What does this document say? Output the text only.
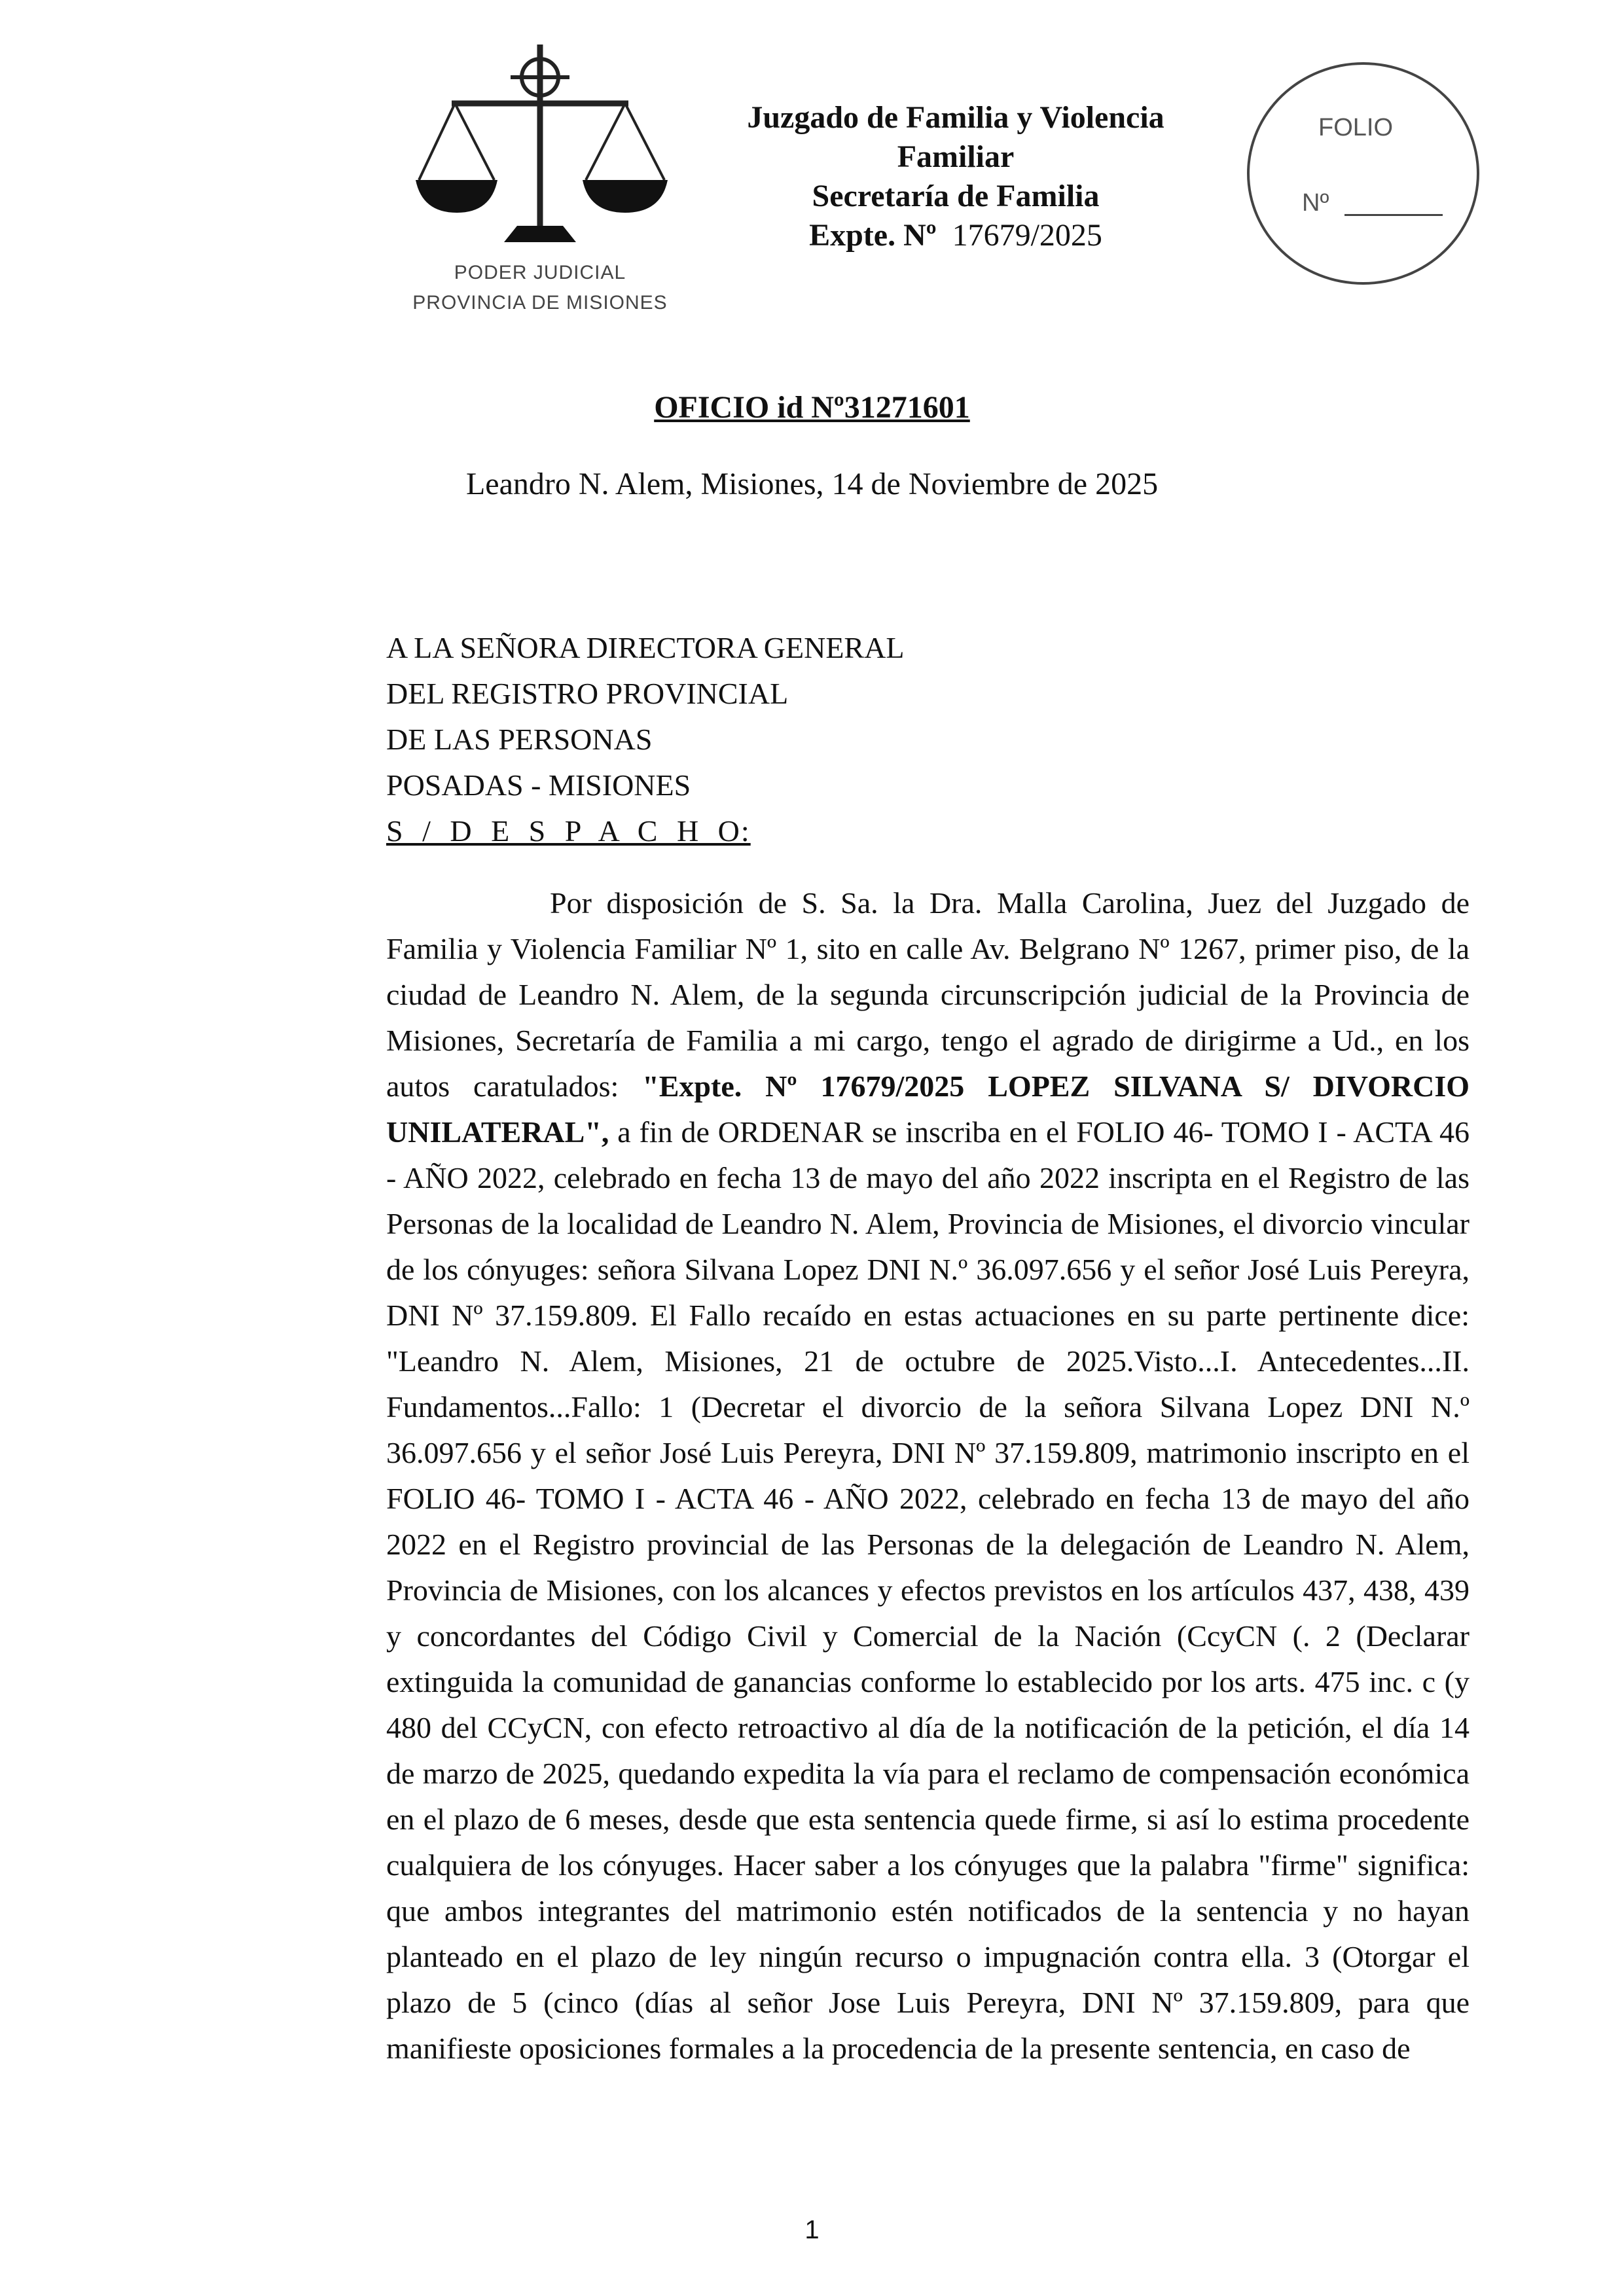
PODER JUDICIAL
PROVINCIA DE MISIONES
Juzgado de Familia y Violencia
Familiar
Secretaría de Familia
Expte. Nº 17679/2025
FOLIO
Nº
OFICIO id Nº31271601
Leandro N. Alem, Misiones, 14 de Noviembre de 2025
A LA SEÑORA DIRECTORA GENERAL
DEL REGISTRO PROVINCIAL
DE LAS PERSONAS
POSADAS - MISIONES
S / D E S P A C H O:
Por disposición de S. Sa. la Dra. Malla Carolina, Juez del Juzgado de Familia y Violencia Familiar Nº 1, sito en calle Av. Belgrano Nº 1267, primer piso, de la ciudad de Leandro N. Alem, de la segunda circunscripción judicial de la Provincia de Misiones, Secretaría de Familia a mi cargo, tengo el agrado de dirigirme a Ud., en los autos caratulados: "Expte. Nº 17679/2025 LOPEZ SILVANA S/ DIVORCIO UNILATERAL", a fin de ORDENAR se inscriba en el FOLIO 46- TOMO I - ACTA 46 - AÑO 2022, celebrado en fecha 13 de mayo del año 2022 inscripta en el Registro de las Personas de la localidad de Leandro N. Alem, Provincia de Misiones, el divorcio vincular de los cónyuges: señora Silvana Lopez DNI N.º 36.097.656 y el señor José Luis Pereyra, DNI Nº 37.159.809. El Fallo recaído en estas actuaciones en su parte pertinente dice: "Leandro N. Alem, Misiones, 21 de octubre de 2025.Visto...I. Antecedentes...II. Fundamentos...Fallo: 1 (Decretar el divorcio de la señora Silvana Lopez DNI N.º 36.097.656 y el señor José Luis Pereyra, DNI Nº 37.159.809, matrimonio inscripto en el FOLIO 46- TOMO I - ACTA 46 - AÑO 2022, celebrado en fecha 13 de mayo del año 2022 en el Registro provincial de las Personas de la delegación de Leandro N. Alem, Provincia de Misiones, con los alcances y efectos previstos en los artículos 437, 438, 439 y concordantes del Código Civil y Comercial de la Nación (CcyCN (. 2 (Declarar extinguida la comunidad de ganancias conforme lo establecido por los arts. 475 inc. c (y 480 del CCyCN, con efecto retroactivo al día de la notificación de la petición, el día 14 de marzo de 2025, quedando expedita la vía para el reclamo de compensación económica en el plazo de 6 meses, desde que esta sentencia quede firme, si así lo estima procedente cualquiera de los cónyuges. Hacer saber a los cónyuges que la palabra "firme" significa: que ambos integrantes del matrimonio estén notificados de la sentencia y no hayan planteado en el plazo de ley ningún recurso o impugnación contra ella. 3 (Otorgar el plazo de 5 (cinco (días al señor Jose Luis Pereyra, DNI Nº 37.159.809, para que manifieste oposiciones formales a la procedencia de la presente sentencia, en caso de
1
